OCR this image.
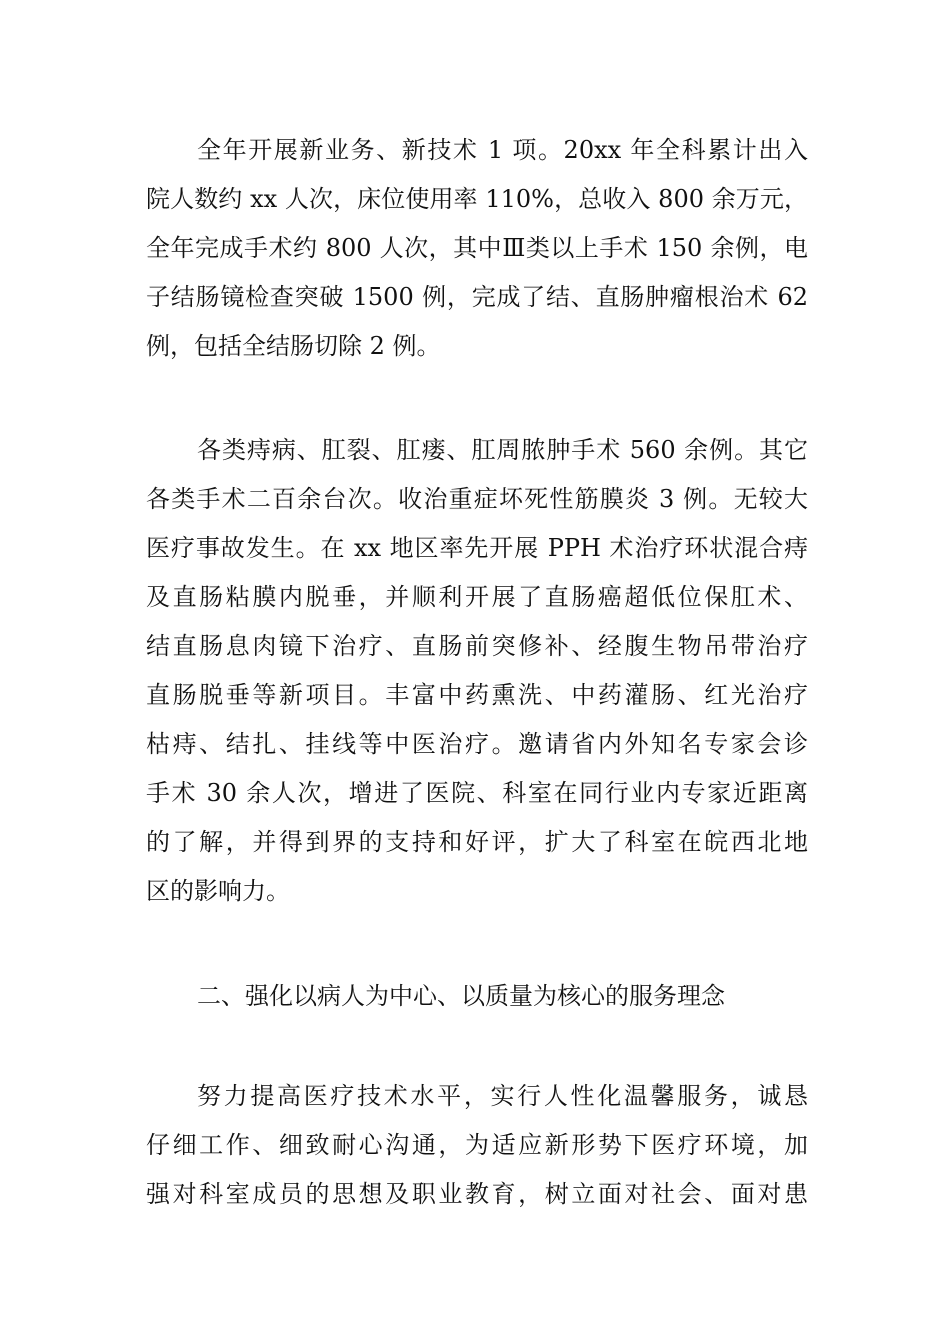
全年开展新业务、新技术 1 项。20xx 年全科累计出入
院人数约 xx 人次，床位使用率 110%，总收入 800 余万元，
全年完成手术约 800 人次，其中Ⅲ类以上手术 150 余例，电
子结肠镜检查突破 1500 例，完成了结、直肠肿瘤根治术 62
例，包括全结肠切除 2 例。
各类痔病、肛裂、肛瘘、肛周脓肿手术 560 余例。其它
各类手术二百余台次。收治重症坏死性筋膜炎 3 例。无较大
医疗事故发生。在 xx 地区率先开展 PPH 术治疗环状混合痔
及直肠粘膜内脱垂，并顺利开展了直肠癌超低位保肛术、
结直肠息肉镜下治疗、直肠前突修补、经腹生物吊带治疗
直肠脱垂等新项目。丰富中药熏洗、中药灌肠、红光治疗
枯痔、结扎、挂线等中医治疗。邀请省内外知名专家会诊
手术 30 余人次，增进了医院、科室在同行业内专家近距离
的了解，并得到界的支持和好评，扩大了科室在皖西北地
区的影响力。
二、强化以病人为中心、以质量为核心的服务理念
努力提高医疗技术水平，实行人性化温馨服务，诚恳
仔细工作、细致耐心沟通，为适应新形势下医疗环境，加
强对科室成员的思想及职业教育，树立面对社会、面对患
